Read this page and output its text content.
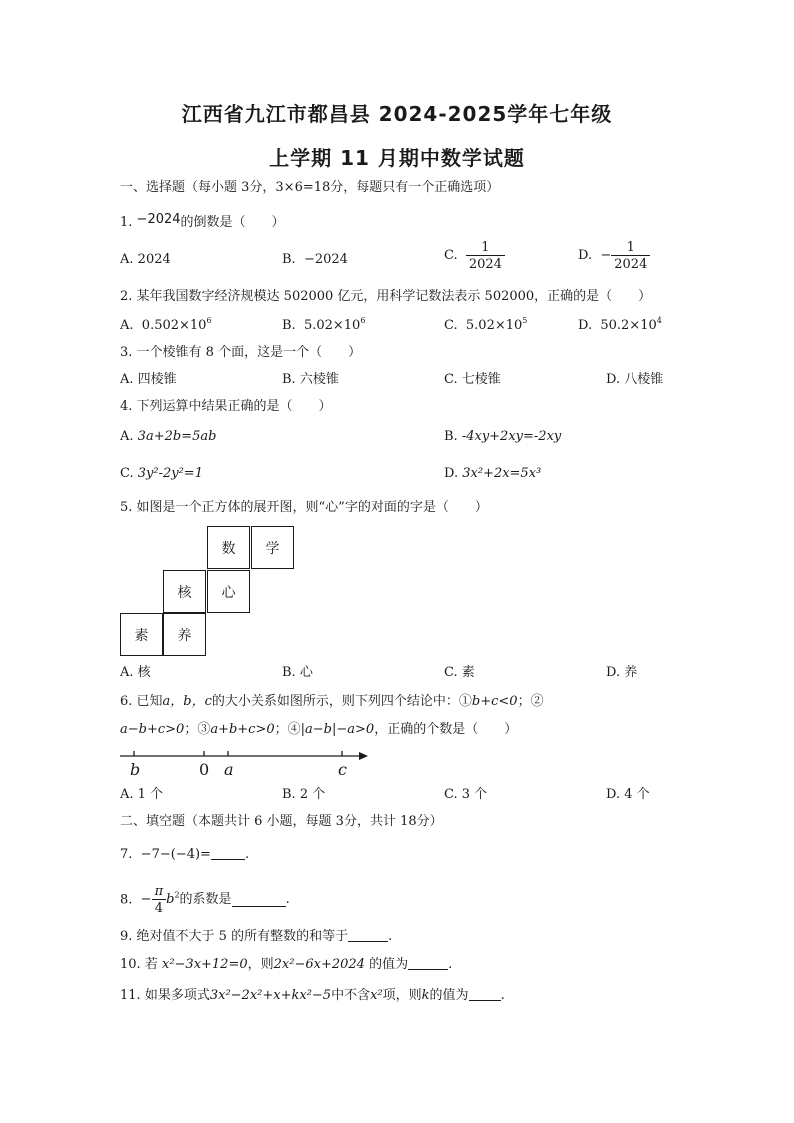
江西省九江市都昌县 2024-2025学年七年级
上学期 11 月期中数学试题
一、选择题（每小题 3分，3×6=18分，每题只有一个正确选项）
1. −2024的倒数是（　　）
A. 2024	B. −2024	C. $\frac{1}{2024}$	D. − $\frac{1}{2024}$
2. 某年我国数字经济规模达 502000 亿元，用科学记数法表示 502000，正确的是（　　）
A. $0.502\times 10^6$	B. $5.02\times 10^6$	C. $5.02\times 10^5$	D. $50.2\times 10^4$
3. 一个棱锥有 8 个面，这是一个（　　）
A. 四棱锥	B. 六棱锥	C. 七棱锥	D. 八棱锥
4. 下列运算中结果正确的是（　　）
A. 3a+2b=5ab	B. -4xy+2xy=-2xy
C. 3y²-2y²=1	D. 3x²+2x=5x³
5. 如图是一个正方体的展开图，则“心”字的对面的字是（　　）
数	学
核	心
素	养
A. 核	B. 心	C. 素	D. 养
6. 已知a，b，c的大小关系如图所示，则下列四个结论中：①b+c<0；②
a−b+c>0；③a+b+c>0；④|a−b|−a>0，正确的个数是（　　）
b	0 a	c
A. 1 个	B. 2 个	C. 3 个	D. 4 个
二、填空题（本题共计 6 小题，每题 3分，共计 18分）
7. −7−(−4)=	.
8. − $\frac{\pi}{4} b^2$的系数是	.
9. 绝对值不大于 5 的所有整数的和等于	.
10. 若 x²−3x+12=0，则2x²−6x+2024 的值为	.
11. 如果多项式3x²−2x²+x+kx²−5中不含x²项，则k的值为 .
